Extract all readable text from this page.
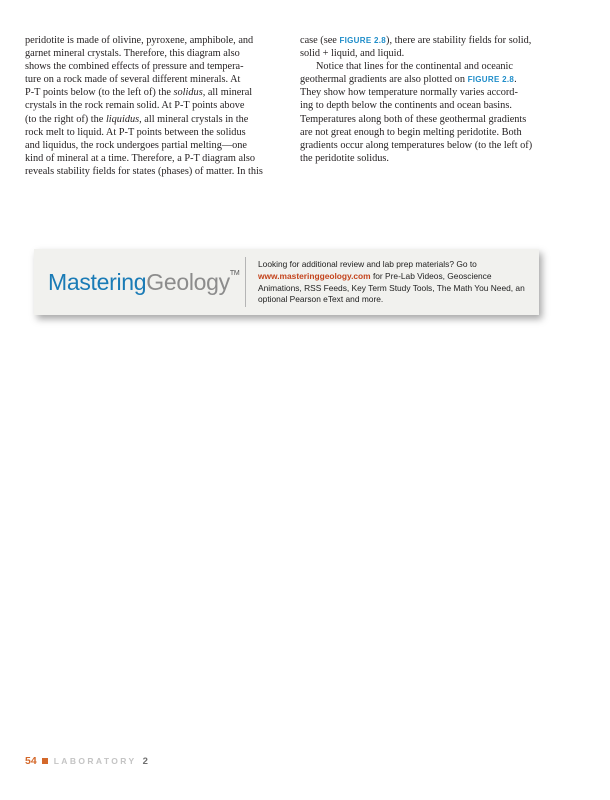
peridotite is made of olivine, pyroxene, amphibole, and
garnet mineral crystals. Therefore, this diagram also
shows the combined effects of pressure and tempera-
ture on a rock made of several different minerals. At
P-T points below (to the left of) the solidus, all mineral
crystals in the rock remain solid. At P-T points above
(to the right of) the liquidus, all mineral crystals in the
rock melt to liquid. At P-T points between the solidus
and liquidus, the rock undergoes partial melting—one
kind of mineral at a time. Therefore, a P-T diagram also
reveals stability fields for states (phases) of matter. In this

case (see FIGURE 2.8), there are stability fields for solid,
solid + liquid, and liquid.

Notice that lines for the continental and oceanic
geothermal gradients are also plotted on FIGURE 2.8.
They show how temperature normally varies accord-
ing to depth below the continents and ocean basins.
Temperatures along both of these geothermal gradients
are not great enough to begin melting peridotite. Both
gradients occur along temperatures below (to the left of)
the peridotite solidus.

MasteringGeology™
Looking for additional review and lab prep materials? Go to
www.masteringgeology.com for Pre-Lab Videos, Geoscience Animations, RSS Feeds, Key Term Study Tools, The Math You Need, an optional Pearson eText and more.
54 LABORATORY 2
